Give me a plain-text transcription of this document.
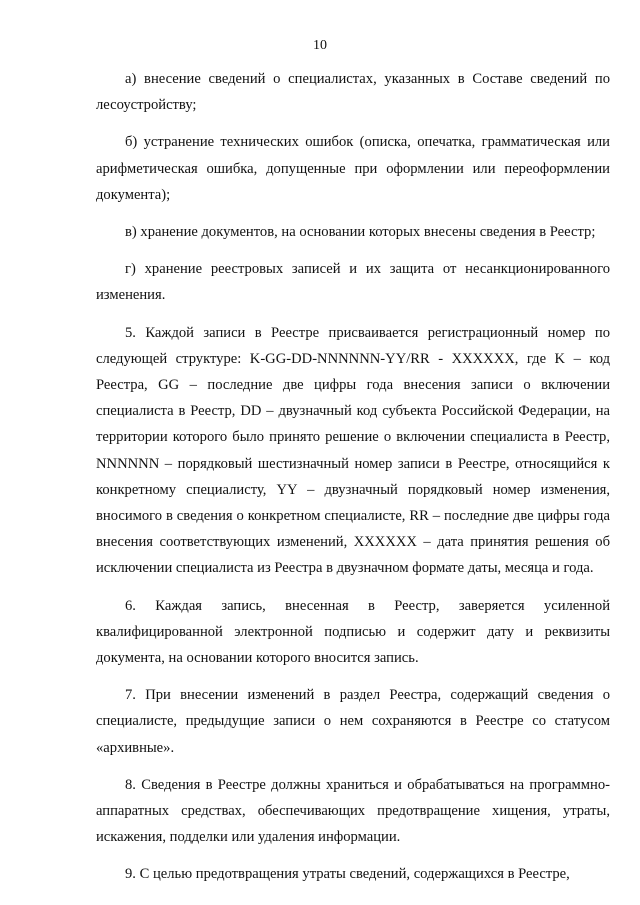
10

а) внесение сведений о специалистах, указанных в Составе сведений по лесоустройству;

б) устранение технических ошибок (описка, опечатка, грамматическая или арифметическая ошибка, допущенные при оформлении или переоформлении документа);

в) хранение документов, на основании которых внесены сведения в Реестр;

г) хранение реестровых записей и их защита от несанкционированного изменения.

5. Каждой записи в Реестре присваивается регистрационный номер по следующей структуре: K-GG-DD-NNNNNN-YY/RR - XXXXXX, где K – код Реестра, GG – последние две цифры года внесения записи о включении специалиста в Реестр, DD – двузначный код субъекта Российской Федерации, на территории которого было принято решение о включении специалиста в Реестр, NNNNNN – порядковый шестизначный номер записи в Реестре, относящийся к конкретному специалисту, YY – двузначный порядковый номер изменения, вносимого в сведения о конкретном специалисте, RR – последние две цифры года внесения соответствующих изменений, XXXXXX – дата принятия решения об исключении специалиста из Реестра в двузначном формате даты, месяца и года.

6. Каждая запись, внесенная в Реестр, заверяется усиленной квалифицированной электронной подписью и содержит дату и реквизиты документа, на основании которого вносится запись.

7. При внесении изменений в раздел Реестра, содержащий сведения о специалисте, предыдущие записи о нем сохраняются в Реестре со статусом «архивные».

8. Сведения в Реестре должны храниться и обрабатываться на программно-аппаратных средствах, обеспечивающих предотвращение хищения, утраты, искажения, подделки или удаления информации.

9. С целью предотвращения утраты сведений, содержащихся в Реестре,
